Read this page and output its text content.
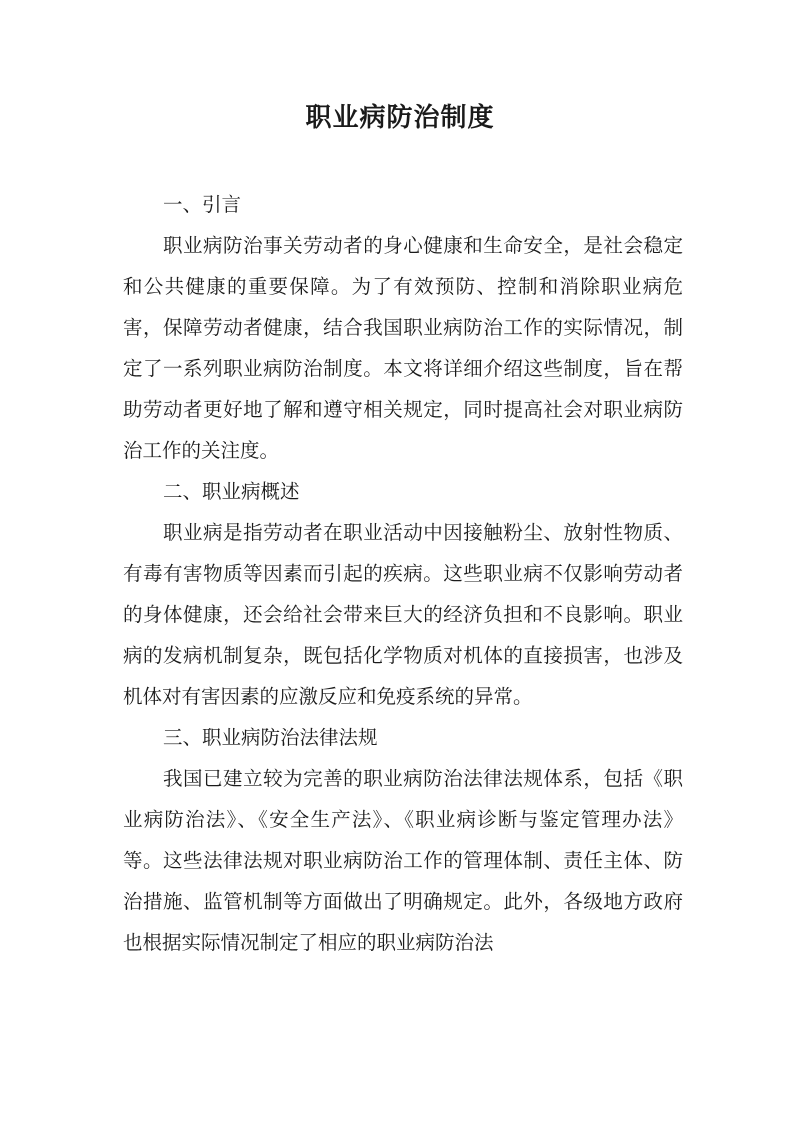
职业病防治制度
一、引言

职业病防治事关劳动者的身心健康和生命安全，是社会稳定和公共健康的重要保障。为了有效预防、控制和消除职业病危害，保障劳动者健康，结合我国职业病防治工作的实际情况，制定了一系列职业病防治制度。本文将详细介绍这些制度，旨在帮助劳动者更好地了解和遵守相关规定，同时提高社会对职业病防治工作的关注度。

二、职业病概述

职业病是指劳动者在职业活动中因接触粉尘、放射性物质、有毒有害物质等因素而引起的疾病。这些职业病不仅影响劳动者的身体健康，还会给社会带来巨大的经济负担和不良影响。职业病的发病机制复杂，既包括化学物质对机体的直接损害，也涉及机体对有害因素的应激反应和免疫系统的异常。

三、职业病防治法律法规

我国已建立较为完善的职业病防治法律法规体系，包括《职业病防治法》、《安全生产法》、《职业病诊断与鉴定管理办法》等。这些法律法规对职业病防治工作的管理体制、责任主体、防治措施、监管机制等方面做出了明确规定。此外，各级地方政府也根据实际情况制定了相应的职业病防治法
